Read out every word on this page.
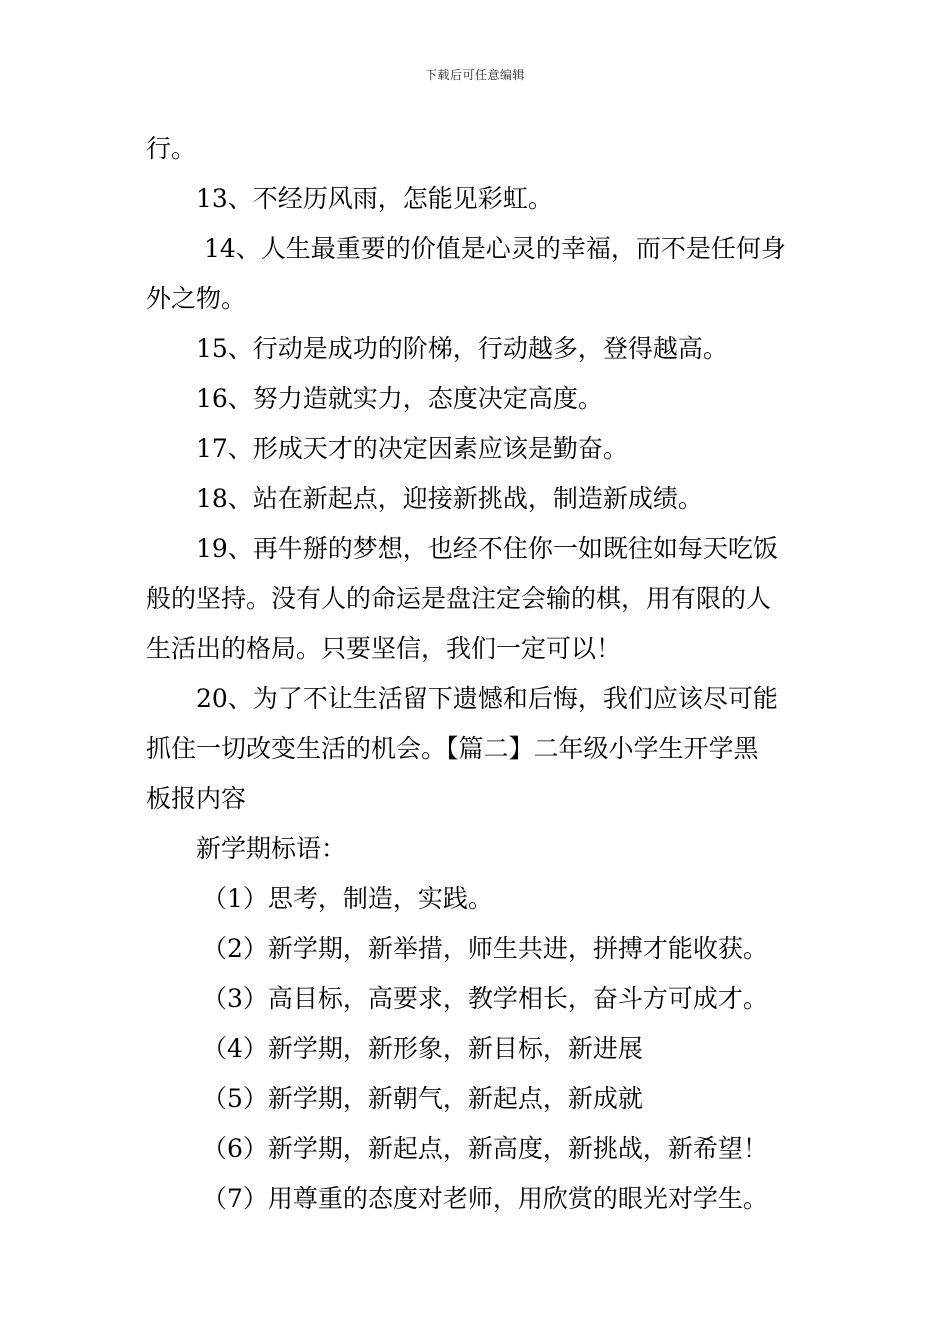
下载后可任意编辑
行。
13、不经历风雨，怎能见彩虹。
14、人生最重要的价值是心灵的幸福，而不是任何身
外之物。
15、行动是成功的阶梯，行动越多，登得越高。
16、努力造就实力，态度决定高度。
17、形成天才的决定因素应该是勤奋。
18、站在新起点，迎接新挑战，制造新成绩。
19、再牛掰的梦想，也经不住你一如既往如每天吃饭
般的坚持。没有人的命运是盘注定会输的棋，用有限的人
生活出的格局。只要坚信，我们一定可以！
20、为了不让生活留下遗憾和后悔，我们应该尽可能
抓住一切改变生活的机会。【篇二】二年级小学生开学黑
板报内容
新学期标语：
（1）思考，制造，实践。
（2）新学期，新举措，师生共进，拼搏才能收获。
（3）高目标，高要求，教学相长，奋斗方可成才。
（4）新学期，新形象，新目标，新进展
（5）新学期，新朝气，新起点，新成就
（6）新学期，新起点，新高度，新挑战，新希望！
（7）用尊重的态度对老师，用欣赏的眼光对学生。
